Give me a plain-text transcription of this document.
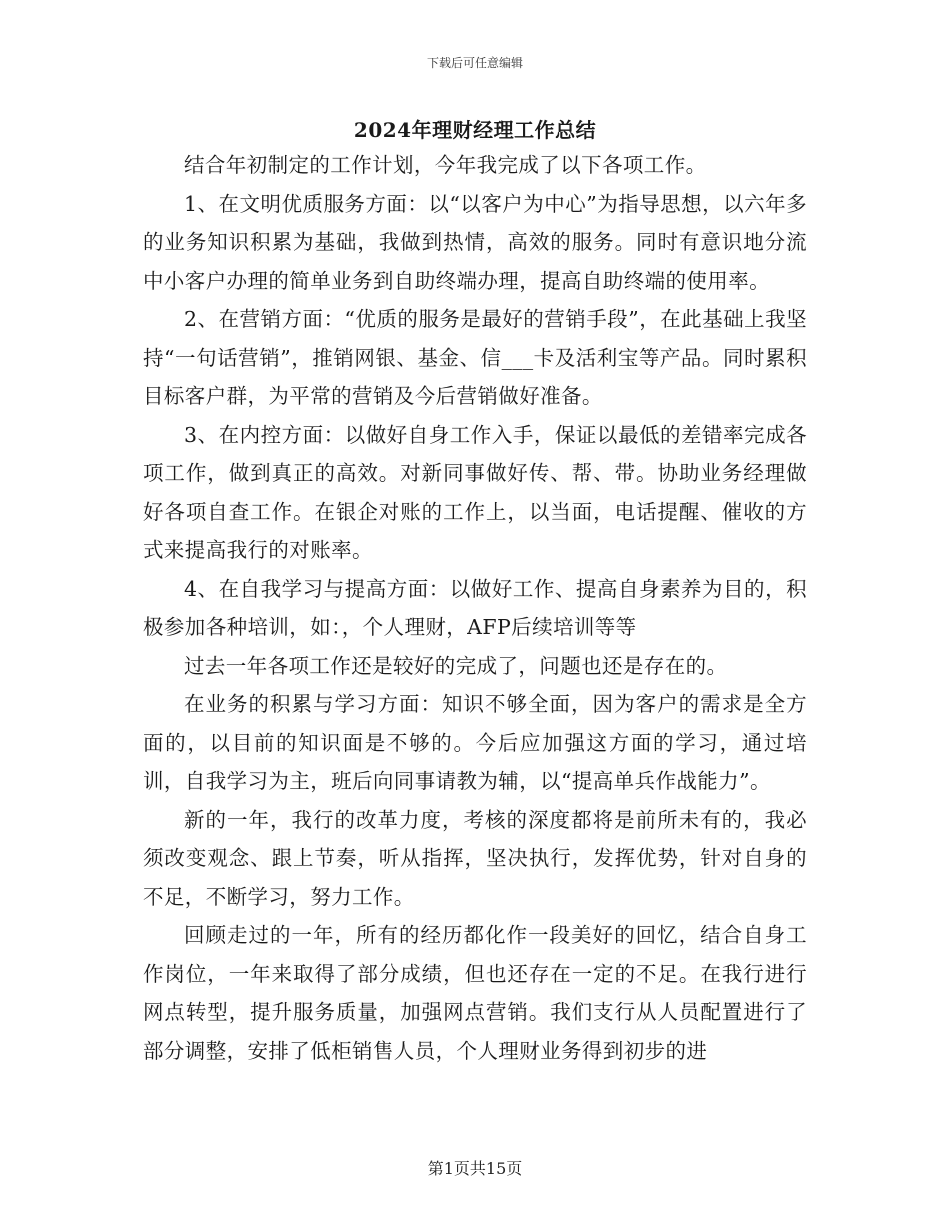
下载后可任意编辑
2024年理财经理工作总结

结合年初制定的工作计划，今年我完成了以下各项工作。

1、在文明优质服务方面：以“以客户为中心”为指导思想，以六年多的业务知识积累为基础，我做到热情，高效的服务。同时有意识地分流中小客户办理的简单业务到自助终端办理，提高自助终端的使用率。

2、在营销方面：“优质的服务是最好的营销手段”，在此基础上我坚持“一句话营销”，推销网银、基金、信___卡及活利宝等产品。同时累积目标客户群，为平常的营销及今后营销做好准备。

3、在内控方面：以做好自身工作入手，保证以最低的差错率完成各项工作，做到真正的高效。对新同事做好传、帮、带。协助业务经理做好各项自查工作。在银企对账的工作上，以当面，电话提醒、催收的方式来提高我行的对账率。

4、在自我学习与提高方面：以做好工作、提高自身素养为目的，积极参加各种培训，如：，个人理财，AFP后续培训等等

过去一年各项工作还是较好的完成了，问题也还是存在的。

在业务的积累与学习方面：知识不够全面，因为客户的需求是全方面的，以目前的知识面是不够的。今后应加强这方面的学习，通过培训，自我学习为主，班后向同事请教为辅，以“提高单兵作战能力”。

新的一年，我行的改革力度，考核的深度都将是前所未有的，我必须改变观念、跟上节奏，听从指挥，坚决执行，发挥优势，针对自身的不足，不断学习，努力工作。

回顾走过的一年，所有的经历都化作一段美好的回忆，结合自身工作岗位，一年来取得了部分成绩，但也还存在一定的不足。在我行进行网点转型，提升服务质量，加强网点营销。我们支行从人员配置进行了部分调整，安排了低柜销售人员，个人理财业务得到初步的进

第1页共15页
